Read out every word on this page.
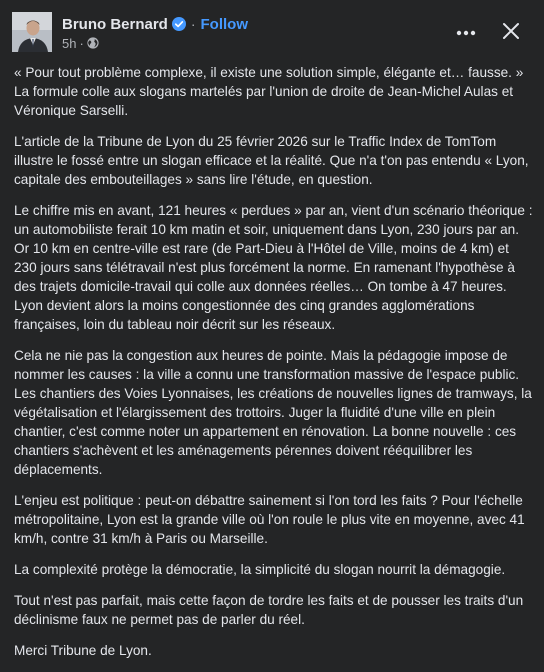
Bruno Bernard · Follow
5h ·

« Pour tout problème complexe, il existe une solution simple, élégante et… fausse. » La formule colle aux slogans martelés par l'union de droite de Jean-Michel Aulas et Véronique Sarselli.

L'article de la Tribune de Lyon du 25 février 2026 sur le Traffic Index de TomTom illustre le fossé entre un slogan efficace et la réalité. Que n'a t'on pas entendu « Lyon, capitale des embouteillages » sans lire l'étude, en question.

Le chiffre mis en avant, 121 heures « perdues » par an, vient d'un scénario théorique : un automobiliste ferait 10 km matin et soir, uniquement dans Lyon, 230 jours par an. Or 10 km en centre-ville est rare (de Part-Dieu à l'Hôtel de Ville, moins de 4 km) et 230 jours sans télétravail n'est plus forcément la norme. En ramenant l'hypothèse à des trajets domicile-travail qui colle aux données réelles… On tombe à 47 heures. Lyon devient alors la moins congestionnée des cinq grandes agglomérations françaises, loin du tableau noir décrit sur les réseaux.

Cela ne nie pas la congestion aux heures de pointe. Mais la pédagogie impose de nommer les causes : la ville a connu une transformation massive de l'espace public. Les chantiers des Voies Lyonnaises, les créations de nouvelles lignes de tramways, la végétalisation et l'élargissement des trottoirs. Juger la fluidité d'une ville en plein chantier, c'est comme noter un appartement en rénovation. La bonne nouvelle : ces chantiers s'achèvent et les aménagements pérennes doivent rééquilibrer les déplacements.

L'enjeu est politique : peut-on débattre sainement si l'on tord les faits ? Pour l'échelle métropolitaine, Lyon est la grande ville où l'on roule le plus vite en moyenne, avec 41 km/h, contre 31 km/h à Paris ou Marseille.

La complexité protège la démocratie, la simplicité du slogan nourrit la démagogie.

Tout n'est pas parfait, mais cette façon de tordre les faits et de pousser les traits d'un déclinisme faux ne permet pas de parler du réel.

Merci Tribune de Lyon.
